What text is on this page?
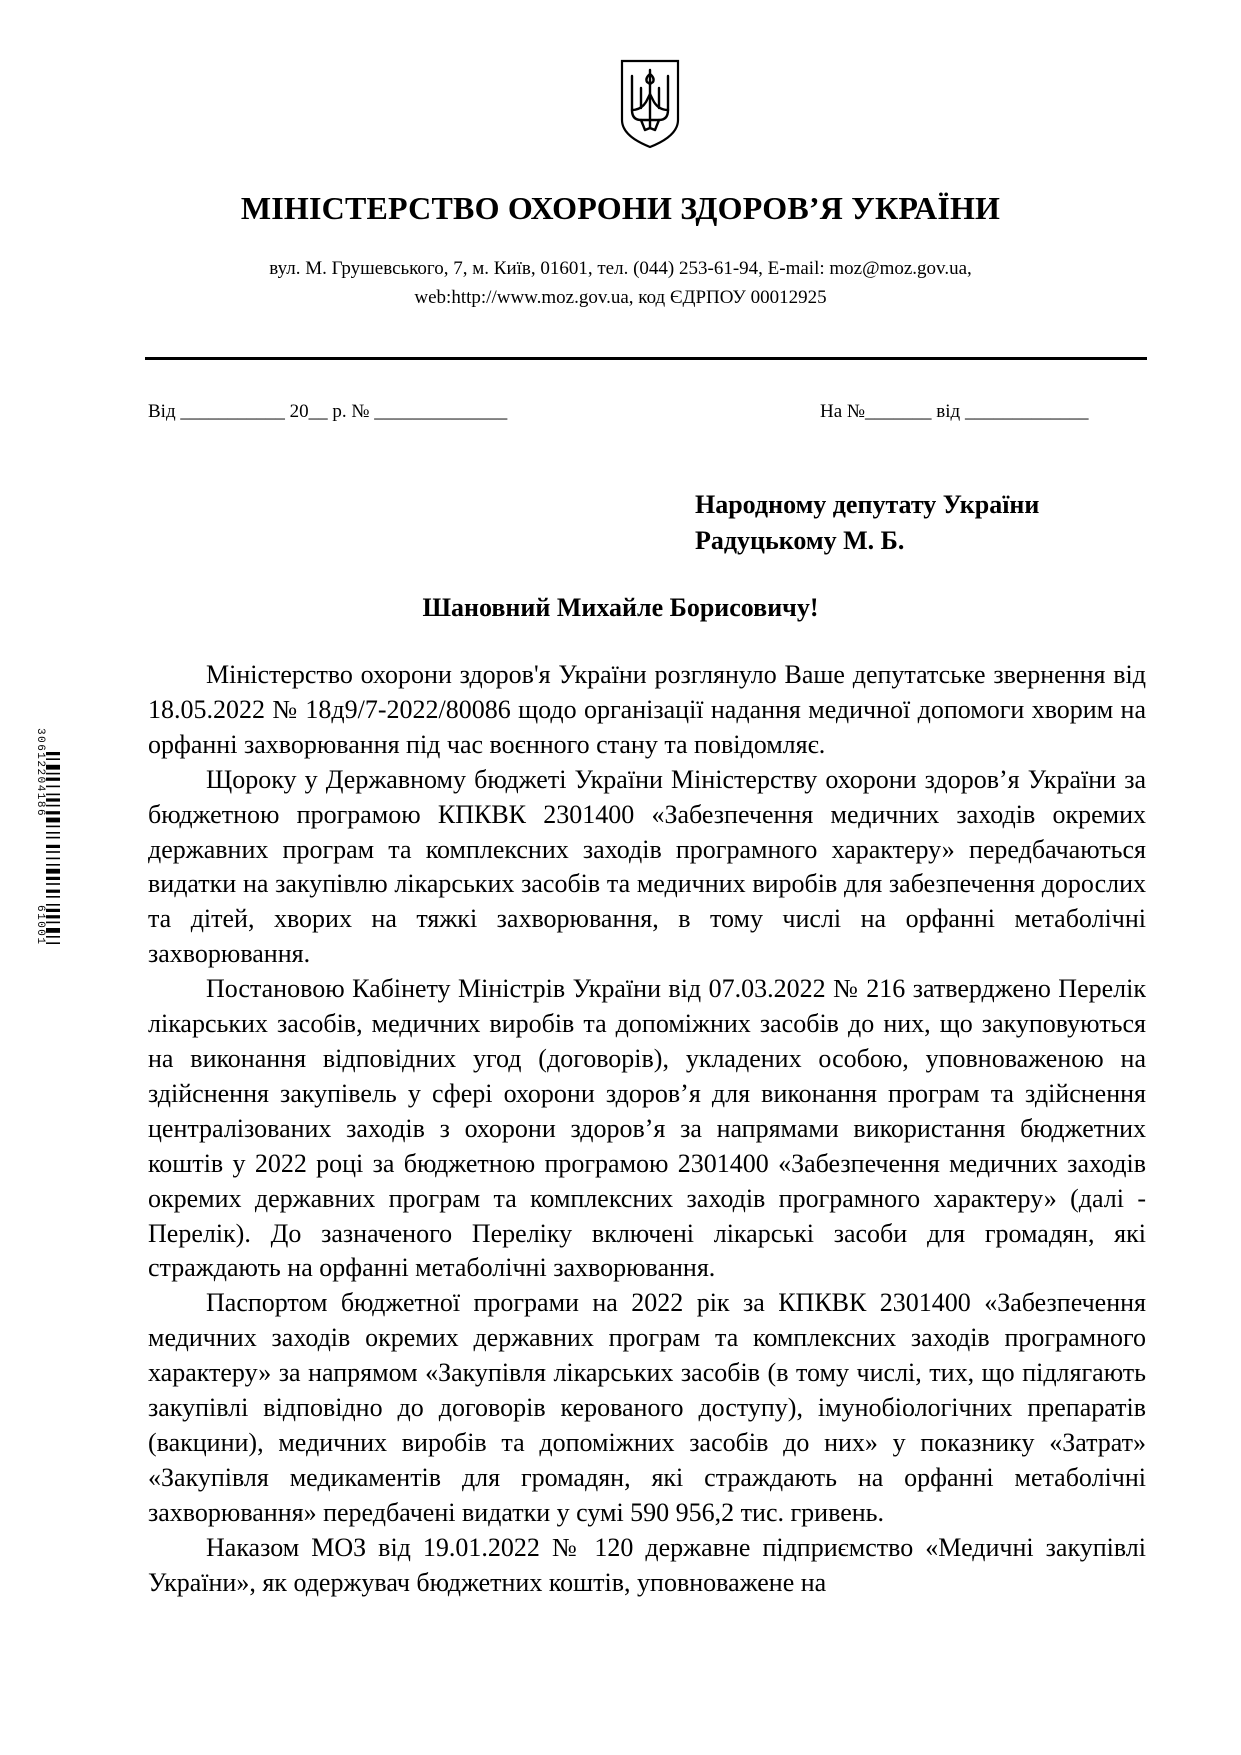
МІНІСТЕРСТВО ОХОРОНИ ЗДОРОВ’Я УКРАЇНИ
вул. М. Грушевського, 7, м. Київ, 01601, тел. (044) 253-61-94, E-mail: moz@moz.gov.ua,
web:http://www.moz.gov.ua, код ЄДРПОУ 00012925
Від ___________ 20__ р. № ______________	На №_______ від _____________
Народному депутату України
Радуцькому М. Б.
Шановний Михайле Борисовичу!

Міністерство охорони здоров'я України розглянуло Ваше депутатське звернення від 18.05.2022 № 18д9/7-2022/80086 щодо організації надання медичної допомоги хворим на орфанні захворювання під час воєнного стану та повідомляє.

Щороку у Державному бюджеті України Міністерству охорони здоров’я України за бюджетною програмою КПКВК 2301400 «Забезпечення медичних заходів окремих державних програм та комплексних заходів програмного характеру» передбачаються видатки на закупівлю лікарських засобів та медичних виробів для забезпечення дорослих та дітей, хворих на тяжкі захворювання, в тому числі на орфанні метаболічні захворювання.

Постановою Кабінету Міністрів України від 07.03.2022 № 216 затверджено Перелік лікарських засобів, медичних виробів та допоміжних засобів до них, що закуповуються на виконання відповідних угод (договорів), укладених особою, уповноваженою на здійснення закупівель у сфері охорони здоров’я для виконання програм та здійснення централізованих заходів з охорони здоров’я за напрямами використання бюджетних коштів у 2022 році за бюджетною програмою 2301400 «Забезпечення медичних заходів окремих державних програм та комплексних заходів програмного характеру» (далі - Перелік). До зазначеного Переліку включені лікарські засоби для громадян, які страждають на орфанні метаболічні захворювання.

Паспортом бюджетної програми на 2022 рік за КПКВК 2301400 «Забезпечення медичних заходів окремих державних програм та комплексних заходів програмного характеру» за напрямом «Закупівля лікарських засобів (в тому числі, тих, що підлягають закупівлі відповідно до договорів керованого доступу), імунобіологічних препаратів (вакцини), медичних виробів та допоміжних засобів до них» у показнику «Затрат» «Закупівля медикаментів для громадян, які страждають на орфанні метаболічні захворювання» передбачені видатки у сумі 590 956,2 тис. гривень.

Наказом МОЗ від 19.01.2022 № 120 державне підприємство «Медичні закупівлі України», як одержувач бюджетних коштів, уповноважене на

30612204186
61001
